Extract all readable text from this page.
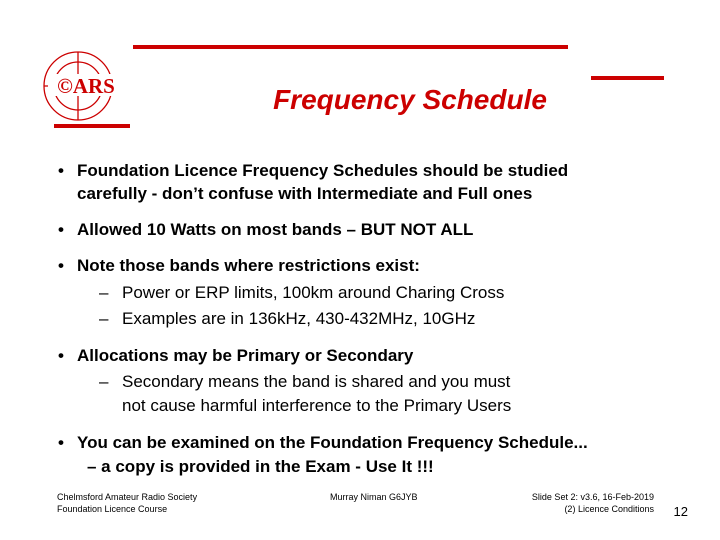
©ARS	Frequency Schedule
• Foundation Licence Frequency Schedules should be studied
carefully - don’t confuse with Intermediate and Full ones
• Allowed 10 Watts on most bands – BUT NOT ALL
• Note those bands where restrictions exist:
– Power or ERP limits, 100km around Charing Cross
– Examples are in 136kHz, 430-432MHz, 10GHz
• Allocations may be Primary or Secondary
– Secondary means the band is shared and you must
not cause harmful interference to the Primary Users
• You can be examined on the Foundation Frequency Schedule...
– a copy is provided in the Exam - Use It !!!
Chelmsford Amateur Radio Society
Foundation Licence Course
Murray Niman G6JYB	Slide Set 2: v3.6, 16-Feb-2019
(2) Licence Conditions 12
